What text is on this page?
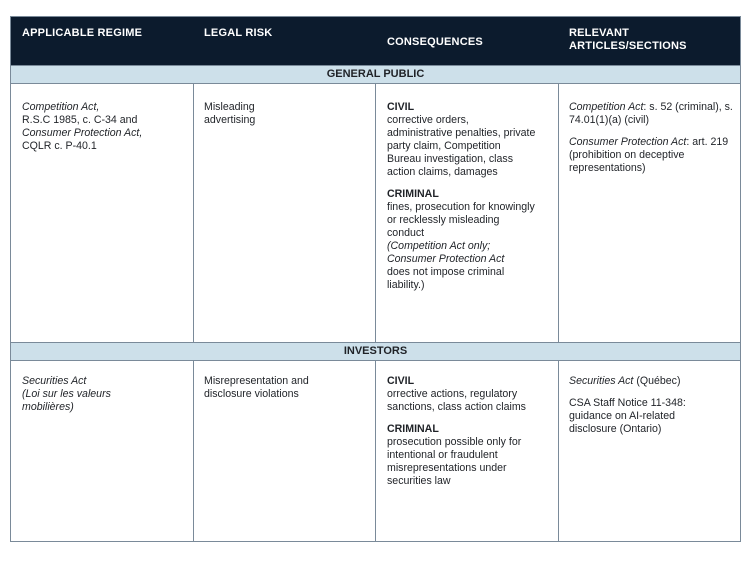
APPLICABLE REGIME	LEGAL RISK
CONSEQUENCES
RELEVANT ARTICLES/SECTIONS
GENERAL PUBLIC

Competition Act,

R.S.C 1985, c. C-34 and

Consumer Protection Act,

CQLR c. P-40.1

Misleading advertising

CIVIL

corrective orders, administrative penalties, private party claim, Competition Bureau investigation, class action claims, damages

CRIMINAL

fines, prosecution for knowingly or recklessly misleading conduct

(Competition Act only;

Consumer Protection Act

does not impose criminal liability.)

Competition Act: s. 52 (criminal), s. 74.01(1)(a) (civil)

Consumer Protection Act: art. 219 (prohibition on deceptive representations)

INVESTORS

Securities Act

(Loi sur les valeurs mobilières)

Misrepresentation and disclosure violations

CIVIL

orrective actions, regulatory sanctions, class action claims

CRIMINAL

prosecution possible only for intentional or fraudulent misrepresentations under securities law

Securities Act (Québec)

CSA Staff Notice 11-348: guidance on AI-related disclosure (Ontario)
